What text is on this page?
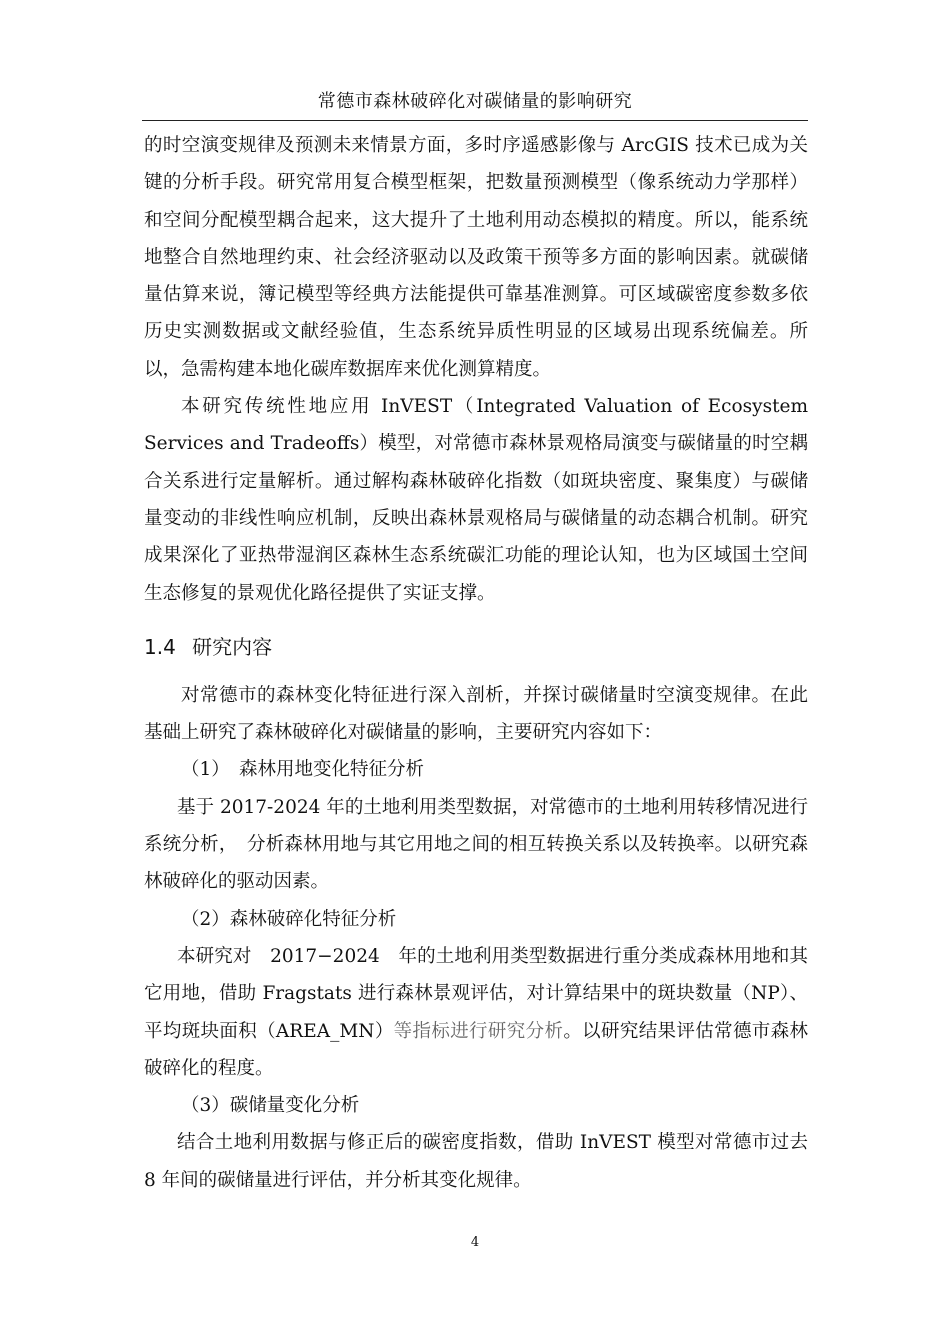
常德市森林破碎化对碳储量的影响研究

的时空演变规律及预测未来情景方面，多时序遥感影像与 ArcGIS 技术已成为关键的分析手段。研究常用复合模型框架，把数量预测模型（像系统动力学那样）和空间分配模型耦合起来，这大提升了土地利用动态模拟的精度。所以，能系统地整合自然地理约束、社会经济驱动以及政策干预等多方面的影响因素。就碳储量估算来说，簿记模型等经典方法能提供可靠基准测算。可区域碳密度参数多依历史实测数据或文献经验值，生态系统异质性明显的区域易出现系统偏差。所以，急需构建本地化碳库数据库来优化测算精度。

本研究传统性地应用 InVEST（Integrated Valuation of Ecosystem Services and Tradeoffs）模型，对常德市森林景观格局演变与碳储量的时空耦合关系进行定量解析。通过解构森林破碎化指数（如斑块密度、聚集度）与碳储量变动的非线性响应机制，反映出森林景观格局与碳储量的动态耦合机制。研究成果深化了亚热带湿润区森林生态系统碳汇功能的理论认知，也为区域国土空间生态修复的景观优化路径提供了实证支撑。

1.4 研究内容

对常德市的森林变化特征进行深入剖析，并探讨碳储量时空演变规律。在此基础上研究了森林破碎化对碳储量的影响，主要研究内容如下：

（1）　森林用地变化特征分析

基于 2017-2024 年的土地利用类型数据，对常德市的土地利用转移情况进行系统分析，　分析森林用地与其它用地之间的相互转换关系以及转换率。以研究森林破碎化的驱动因素。

（2）森林破碎化特征分析

本研究对　2017−2024　年的土地利用类型数据进行重分类成森林用地和其它用地，借助 Fragstats 进行森林景观评估，对计算结果中的斑块数量（NP）、平均斑块面积（AREA_MN）等指标进行研究分析。以研究结果评估常德市森林破碎化的程度。

（3）碳储量变化分析

结合土地利用数据与修正后的碳密度指数，借助 InVEST 模型对常德市过去 8 年间的碳储量进行评估，并分析其变化规律。

4
